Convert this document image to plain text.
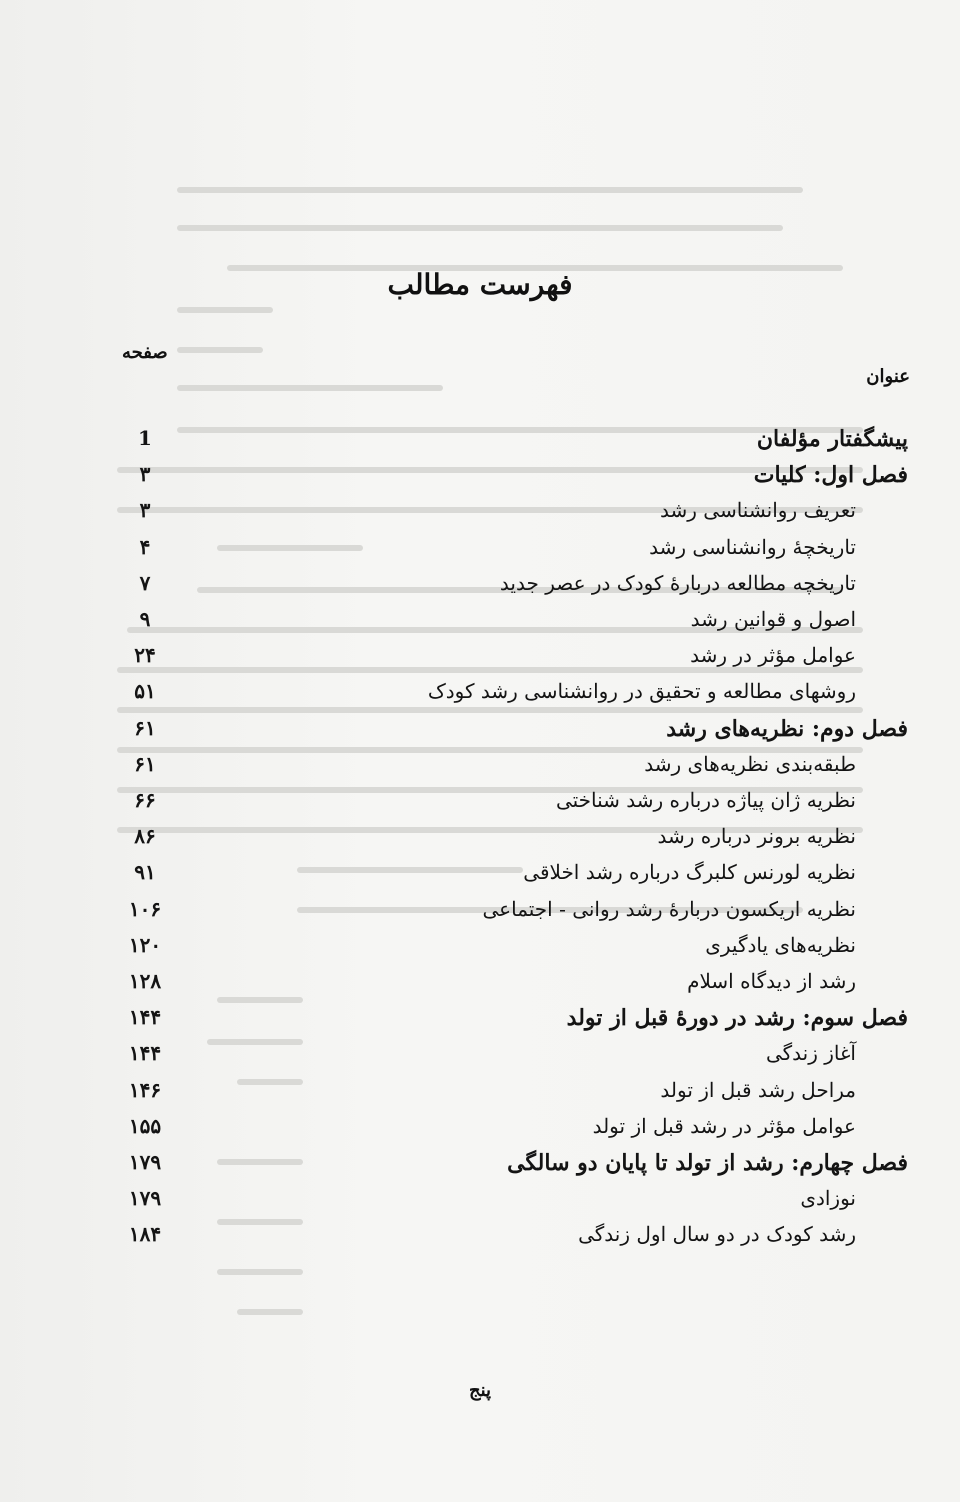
فهرست مطالب
صفحه
عنوان
پیشگفتار مؤلفان
1
فصل اول: کلیات
۳
تعریف روانشناسی رشد
۳
تاریخچهٔ روانشناسی رشد
۴
تاریخچه مطالعه دربارهٔ کودک در عصر جدید
۷
اصول و قوانین رشد
۹
عوامل مؤثر در رشد
۲۴
روشهای مطالعه و تحقیق در روانشناسی رشد کودک
۵۱
فصل دوم: نظریه‌های رشد
۶۱
طبقه‌بندی نظریه‌های رشد
۶۱
نظریه ژان پیاژه درباره رشد شناختی
۶۶
نظریه برونر درباره رشد
۸۶
نظریه لورنس کلبرگ درباره رشد اخلاقی
۹۱
نظریه اریکسون دربارهٔ رشد روانی - اجتماعی
۱۰۶
نظریه‌های یادگیری
۱۲۰
رشد از دیدگاه اسلام
۱۲۸
فصل سوم: رشد در دورهٔ قبل از تولد
۱۴۴
آغاز زندگی
۱۴۴
مراحل رشد قبل از تولد
۱۴۶
عوامل مؤثر در رشد قبل از تولد
۱۵۵
فصل چهارم: رشد از تولد تا پایان دو سالگی
۱۷۹
نوزادی
۱۷۹
رشد کودک در دو سال اول زندگی
۱۸۴
پنج
